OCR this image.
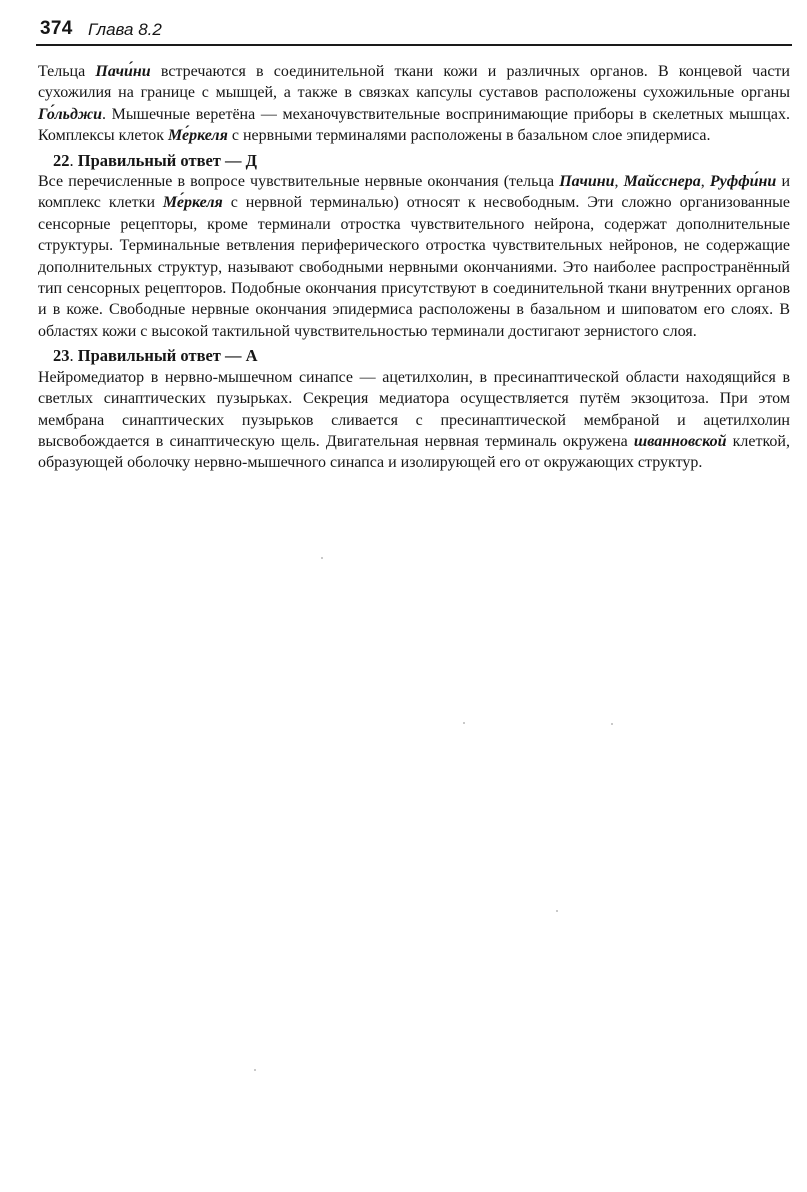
374 Глава 8.2

Тельца Пачи́ни встречаются в соединительной ткани кожи и различных органов. В концевой части сухожилия на границе с мышцей, а также в связках капсулы суставов расположены сухожильные органы Го́льджи. Мышечные веретёна — механочувствительные воспринимающие приборы в скелетных мышцах. Комплексы клеток Ме́ркеля с нервными терминалями расположены в базальном слое эпидермиса.

22. Правильный ответ — Д

Все перечисленные в вопросе чувствительные нервные окончания (тельца Пачини, Майсснера, Руффи́ни и комплекс клетки Ме́ркеля с нервной терминалью) относят к несвободным. Эти сложно организованные сенсорные рецепторы, кроме терминали отростка чувствительного нейрона, содержат дополнительные структуры. Терминальные ветвления периферического отростка чувствительных нейронов, не содержащие дополнительных структур, называют свободными нервными окончаниями. Это наиболее распространённый тип сенсорных рецепторов. Подобные окончания присутствуют в соединительной ткани внутренних органов и в коже. Свободные нервные окончания эпидермиса расположены в базальном и шиповатом его слоях. В областях кожи с высокой тактильной чувствительностью терминали достигают зернистого слоя.

23. Правильный ответ — А

Нейромедиатор в нервно-мышечном синапсе — ацетилхолин, в пресинаптической области находящийся в светлых синаптических пузырьках. Секреция медиатора осуществляется путём экзоцитоза. При этом мембрана синаптических пузырьков сливается с пресинаптической мембраной и ацетилхолин высвобождается в синаптическую щель. Двигательная нервная терминаль окружена шванновской клеткой, образующей оболочку нервно-мышечного синапса и изолирующей его от окружающих структур.
